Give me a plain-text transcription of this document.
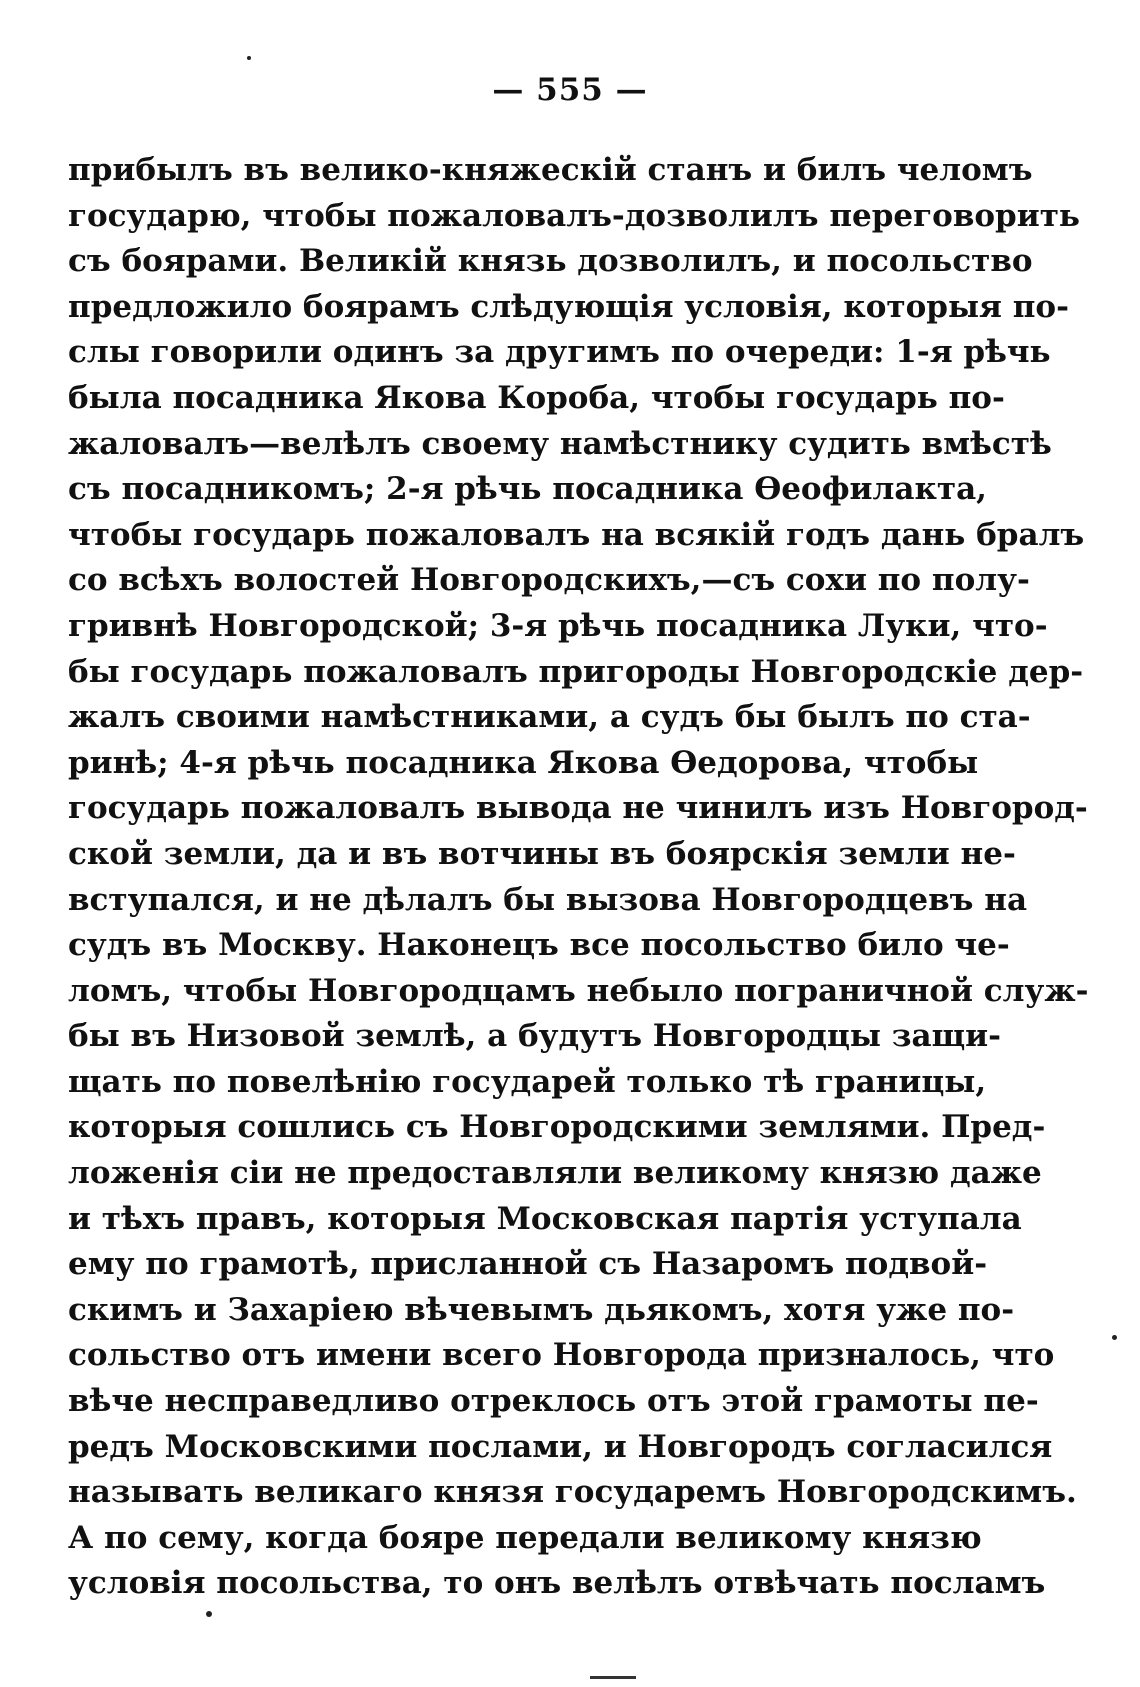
— 555 —
прибылъ въ велико-княжескій станъ и билъ челомъ
государю, чтобы пожаловалъ-дозволилъ переговорить
съ боярами. Великій князь дозволилъ, и посольство
предложило боярамъ слѣдующія условія, которыя по-
слы говорили одинъ за другимъ по очереди: 1-я рѣчь
была посадника Якова Короба, чтобы государь по-
жаловалъ—велѣлъ своему намѣстнику судить вмѣстѣ
съ посадникомъ; 2-я рѣчь посадника Ѳеофилакта,
чтобы государь пожаловалъ на всякій годъ дань бралъ
со всѣхъ волостей Новгородскихъ,—съ сохи по полу-
гривнѣ Новгородской; 3-я рѣчь посадника Луки, что-
бы государь пожаловалъ пригороды Новгородскіе дер-
жалъ своими намѣстниками, а судъ бы былъ по ста-
ринѣ; 4-я рѣчь посадника Якова Ѳедорова, чтобы
государь пожаловалъ вывода не чинилъ изъ Новгород-
ской земли, да и въ вотчины въ боярскія земли не-
вступался, и не дѣлалъ бы вызова Новгородцевъ на
судъ въ Москву. Наконецъ все посольство било че-
ломъ, чтобы Новгородцамъ небыло пограничной служ-
бы въ Низовой землѣ, а будутъ Новгородцы защи-
щать по повелѣнію государей только тѣ границы,
которыя сошлись съ Новгородскими землями. Пред-
ложенія сіи не предоставляли великому князю даже
и тѣхъ правъ, которыя Московская партія уступала
ему по грамотѣ, присланной съ Назаромъ подвой-
скимъ и Захаріею вѣчевымъ дьякомъ, хотя уже по-
сольство отъ имени всего Новгорода призналось, что
вѣче несправедливо отреклось отъ этой грамоты пе-
редъ Московскими послами, и Новгородъ согласился
называть великаго князя государемъ Новгородскимъ.
А по сему, когда бояре передали великому князю
условія посольства, то онъ велѣлъ отвѣчать посламъ
